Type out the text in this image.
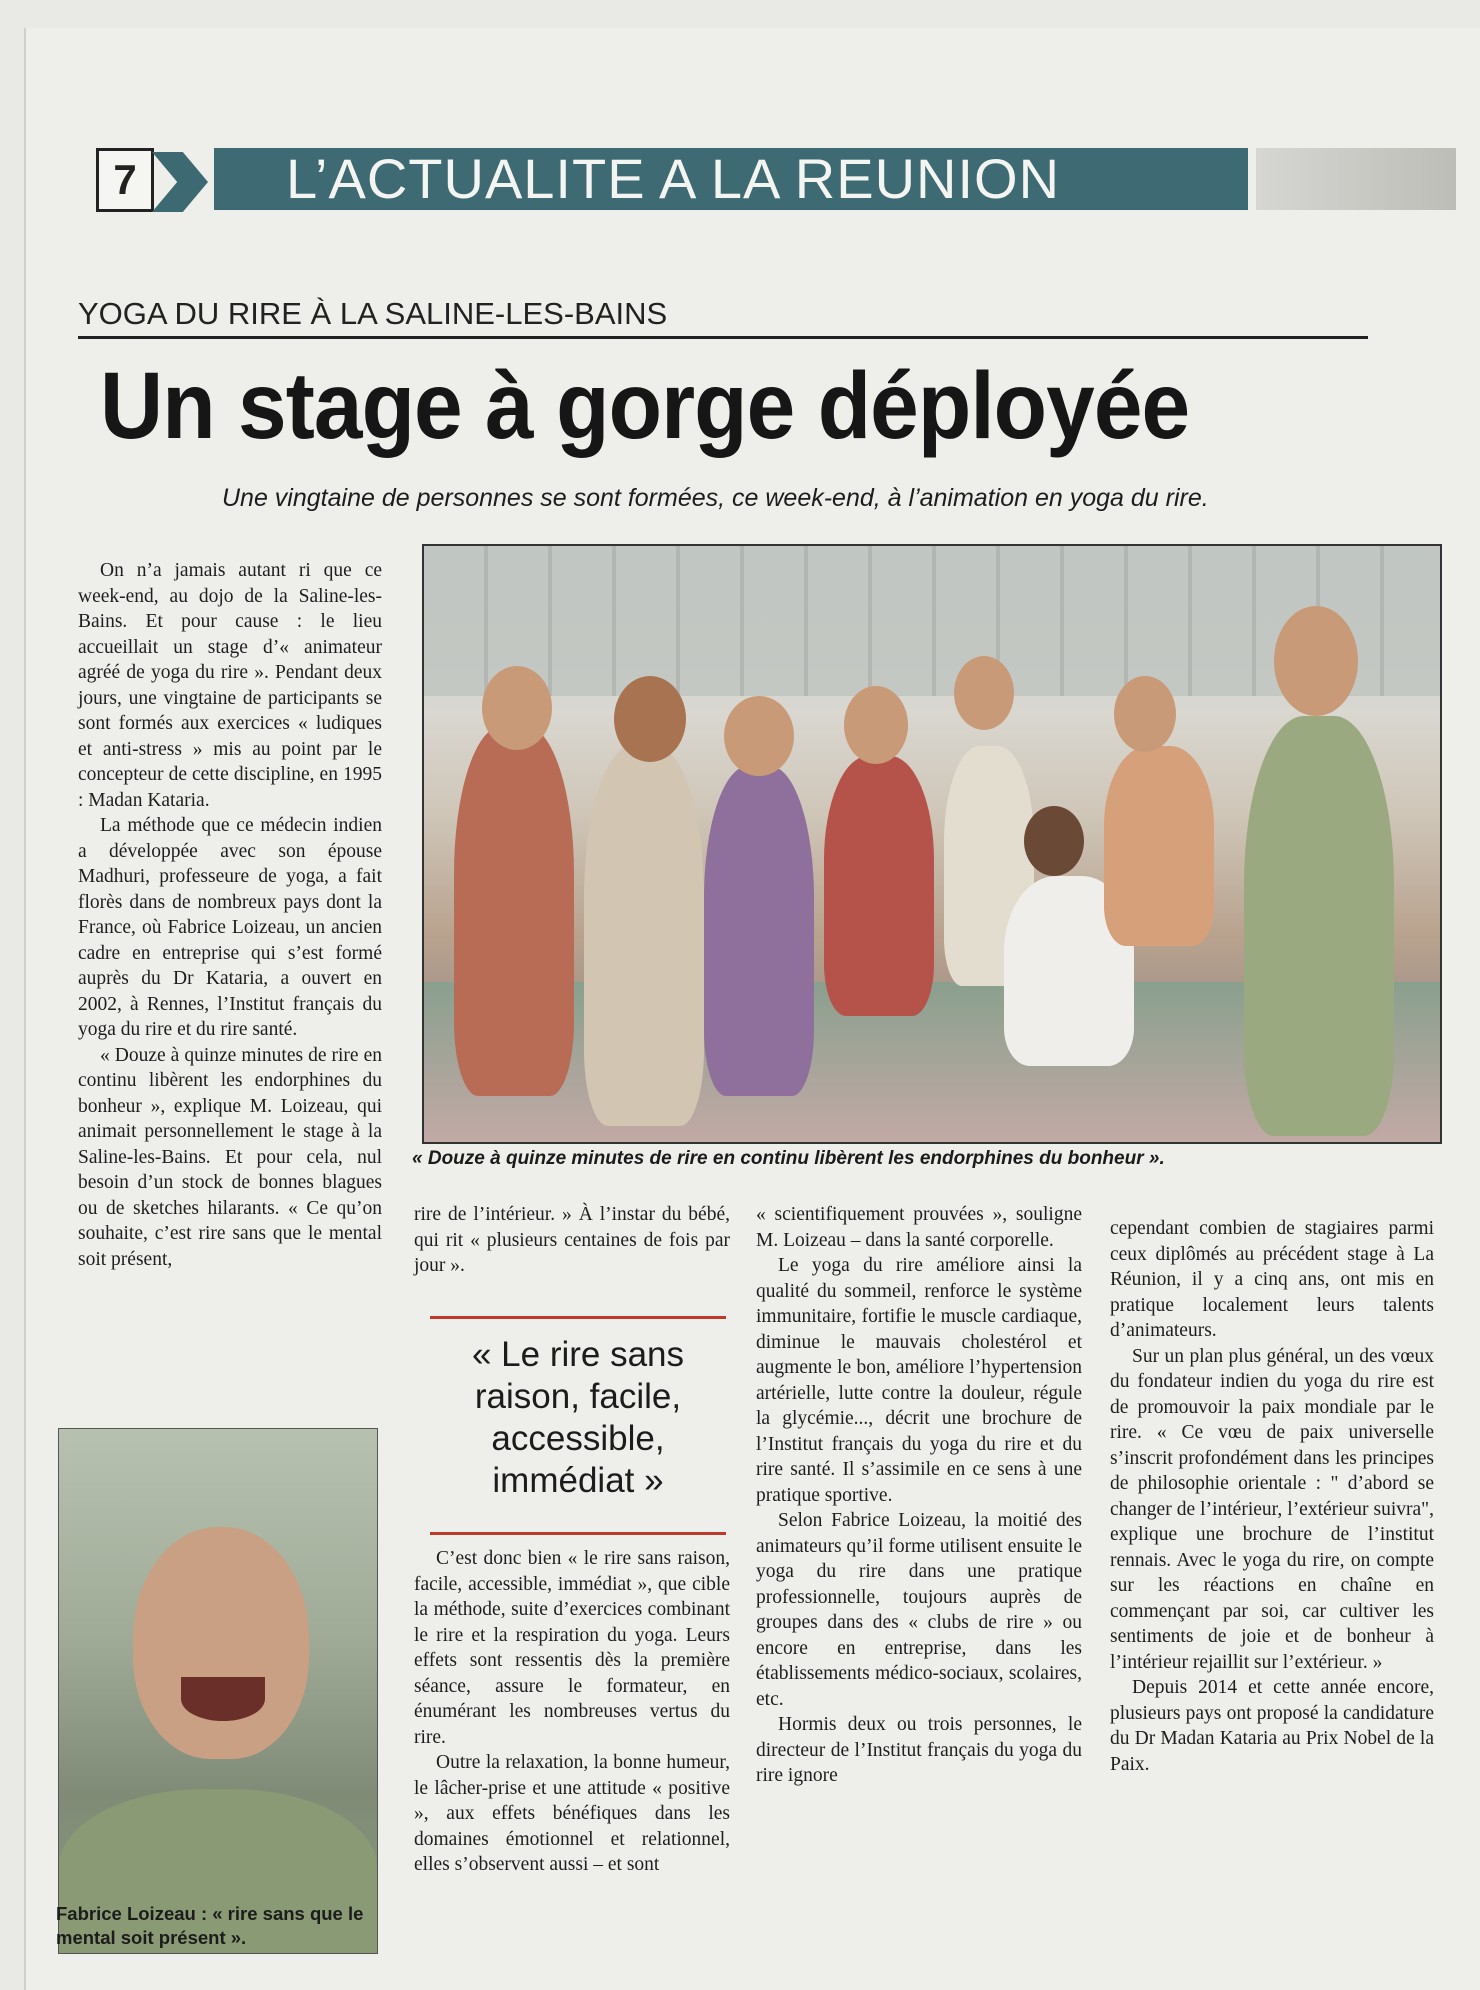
7	L’ACTUALITE A LA REUNION
YOGA DU RIRE À LA SALINE-LES-BAINS
Un stage à gorge déployée
Une vingtaine de personnes se sont formées, ce week-end, à l’animation en yoga du rire.
« Douze à quinze minutes de rire en continu libèrent les endorphines du bonheur ».

On n’a jamais autant ri que ce week-end, au dojo de la Saline-les-Bains. Et pour cause : le lieu accueillait un stage d’« animateur agréé de yoga du rire ». Pendant deux jours, une vingtaine de participants se sont formés aux exercices « ludiques et anti-stress » mis au point par le concepteur de cette discipline, en 1995 : Madan Kataria.

La méthode que ce médecin indien a développée avec son épouse Madhuri, professeure de yoga, a fait florès dans de nombreux pays dont la France, où Fabrice Loizeau, un ancien cadre en entreprise qui s’est formé auprès du Dr Kataria, a ouvert en 2002, à Rennes, l’Institut français du yoga du rire et du rire santé.

« Douze à quinze minutes de rire en continu libèrent les endorphines du bonheur », explique M. Loizeau, qui animait personnellement le stage à la Saline-les-Bains. Et pour cela, nul besoin d’un stock de bonnes blagues ou de sketches hilarants. « Ce qu’on souhaite, c’est rire sans que le mental soit présent,

rire de l’intérieur. » À l’instar du bébé, qui rit « plusieurs centaines de fois par jour ».

« Le rire sans raison, facile, accessible, immédiat »

C’est donc bien « le rire sans raison, facile, accessible, immédiat », que cible la méthode, suite d’exercices combinant le rire et la respiration du yoga. Leurs effets sont ressentis dès la première séance, assure le formateur, en énumérant les nombreuses vertus du rire.

Outre la relaxation, la bonne humeur, le lâcher-prise et une attitude « positive », aux effets bénéfiques dans les domaines émotionnel et relationnel, elles s’observent aussi – et sont

« scientifiquement prouvées », souligne M. Loizeau – dans la santé corporelle.

Le yoga du rire améliore ainsi la qualité du sommeil, renforce le système immunitaire, fortifie le muscle cardiaque, diminue le mauvais cholestérol et augmente le bon, améliore l’hypertension artérielle, lutte contre la douleur, régule la glycémie..., décrit une brochure de l’Institut français du yoga du rire et du rire santé. Il s’assimile en ce sens à une pratique sportive.

Selon Fabrice Loizeau, la moitié des animateurs qu’il forme utilisent ensuite le yoga du rire dans une pratique professionnelle, toujours auprès de groupes dans des « clubs de rire » ou encore en entreprise, dans les établissements médico-sociaux, scolaires, etc.

Hormis deux ou trois personnes, le directeur de l’Institut français du yoga du rire ignore

cependant combien de stagiaires parmi ceux diplômés au précédent stage à La Réunion, il y a cinq ans, ont mis en pratique localement leurs talents d’animateurs.

Sur un plan plus général, un des vœux du fondateur indien du yoga du rire est de promouvoir la paix mondiale par le rire. « Ce vœu de paix universelle s’inscrit profondément dans les principes de philosophie orientale : " d’abord se changer de l’intérieur, l’extérieur suivra", explique une brochure de l’institut rennais. Avec le yoga du rire, on compte sur les réactions en chaîne en commençant par soi, car cultiver les sentiments de joie et de bonheur à l’intérieur rejaillit sur l’extérieur. »

Depuis 2014 et cette année encore, plusieurs pays ont proposé la candidature du Dr Madan Kataria au Prix Nobel de la Paix.

Fabrice Loizeau : « rire sans que le mental soit présent ».
